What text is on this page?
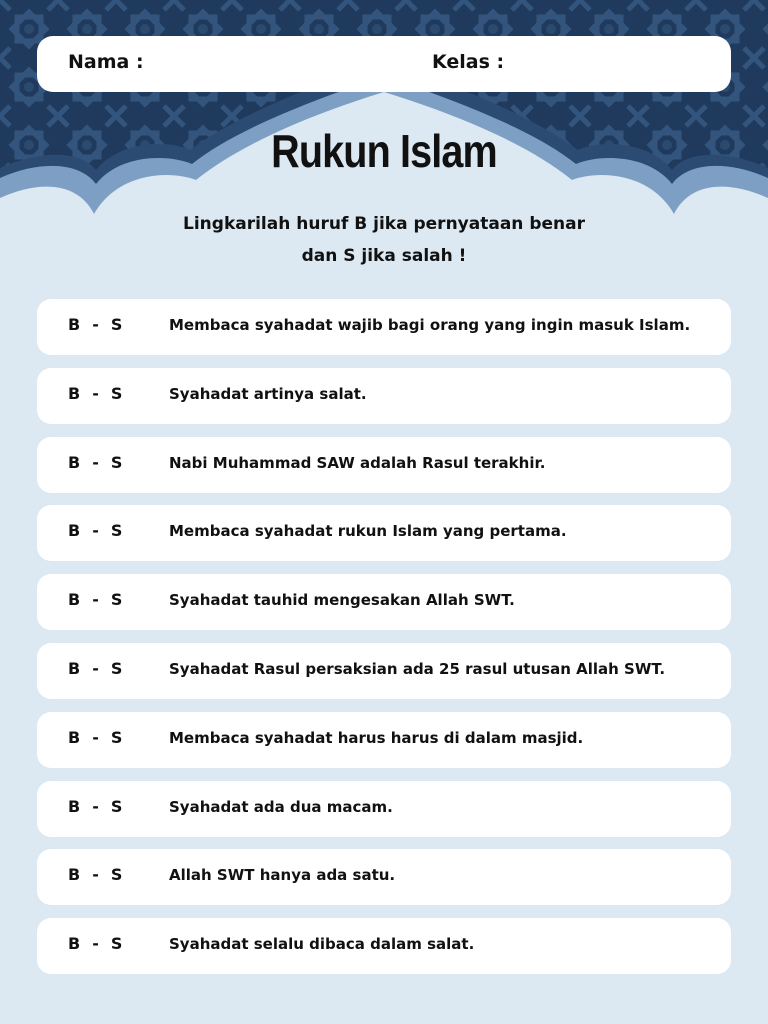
Nama :	Kelas :
Rukun Islam
Lingkarilah huruf B jika pernyataan benar
dan S jika salah !
B - S	Membaca syahadat wajib bagi orang yang ingin masuk Islam.
B - S	Syahadat artinya salat.
B - S	Nabi Muhammad SAW adalah Rasul terakhir.
B - S	Membaca syahadat rukun Islam yang pertama.
B - S	Syahadat tauhid mengesakan Allah SWT.
B - S	Syahadat Rasul persaksian ada 25 rasul utusan Allah SWT.
B - S	Membaca syahadat harus harus di dalam masjid.
B - S	Syahadat ada dua macam.
B - S	Allah SWT hanya ada satu.
B - S	Syahadat selalu dibaca dalam salat.
